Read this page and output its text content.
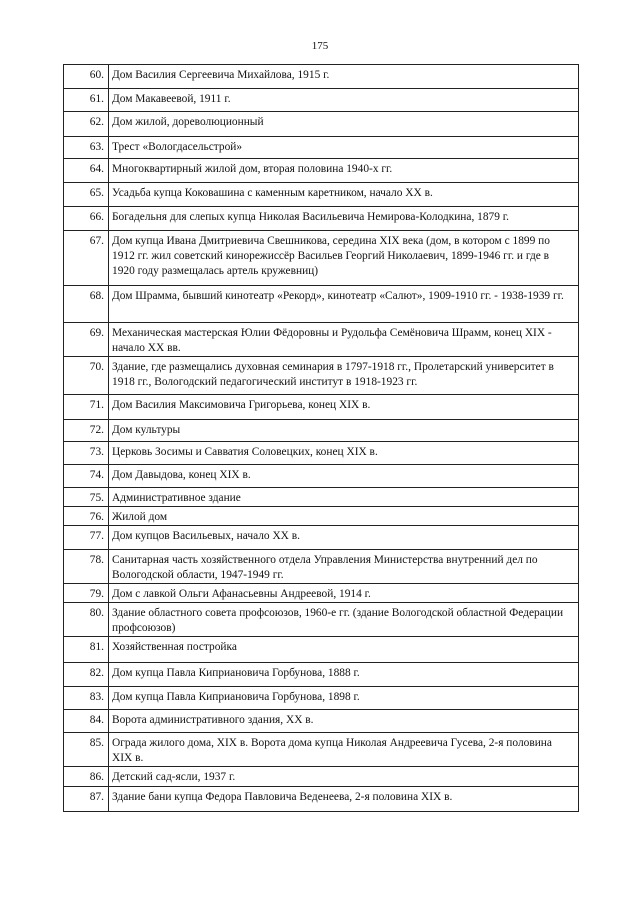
175
60.	Дом Василия Сергеевича Михайлова, 1915 г.
61.	Дом Макавеевой, 1911 г.
62.	Дом жилой, дореволюционный
63.	Трест «Вологдасельстрой»
64.	Многоквартирный жилой дом, вторая половина 1940-х гг.
65.	Усадьба купца Коковашина с каменным каретником, начало XX в.
66.	Богадельня для слепых купца Николая Васильевича Немирова-Колодкина, 1879 г.
67.	Дом купца Ивана Дмитриевича Свешникова, середина XIX века (дом, в котором с 1899 по 1912 гг. жил советский кинорежиссёр Васильев Георгий Николаевич, 1899-1946 гг. и где в 1920 году размещалась артель кружевниц)
68.	Дом Шрамма, бывший кинотеатр «Рекорд», кинотеатр «Салют», 1909-1910 гг. - 1938-1939 гг.
69.	Механическая мастерская Юлии Фёдоровны и Рудольфа Семёновича Шрамм, конец XIX - начало XX вв.
70.	Здание, где размещались духовная семинария в 1797-1918 гг., Пролетарский университет в 1918 гг., Вологодский педагогический институт в 1918-1923 гг.
71.	Дом Василия Максимовича Григорьева, конец XIX в.
72.	Дом культуры
73.	Церковь Зосимы и Савватия Соловецких, конец XIX в.
74.	Дом Давыдова, конец XIX в.
75.	Административное здание
76.	Жилой дом
77.	Дом купцов Васильевых, начало XX в.
78.	Санитарная часть хозяйственного отдела Управления Министерства внутренний дел по Вологодской области, 1947-1949 гг.
79.	Дом с лавкой Ольги Афанасьевны Андреевой, 1914 г.
80.	Здание областного совета профсоюзов, 1960-е гг. (здание Вологодской областной Федерации профсоюзов)
81.	Хозяйственная постройка
82.	Дом купца Павла Киприановича Горбунова, 1888 г.
83.	Дом купца Павла Киприановича Горбунова, 1898 г.
84.	Ворота административного здания, XX в.
85.	Ограда жилого дома, XIX в. Ворота дома купца Николая Андреевича Гусева, 2-я половина XIX в.
86.	Детский сад-ясли, 1937 г.
87.	Здание бани купца Федора Павловича Веденеева, 2-я половина XIX в.
